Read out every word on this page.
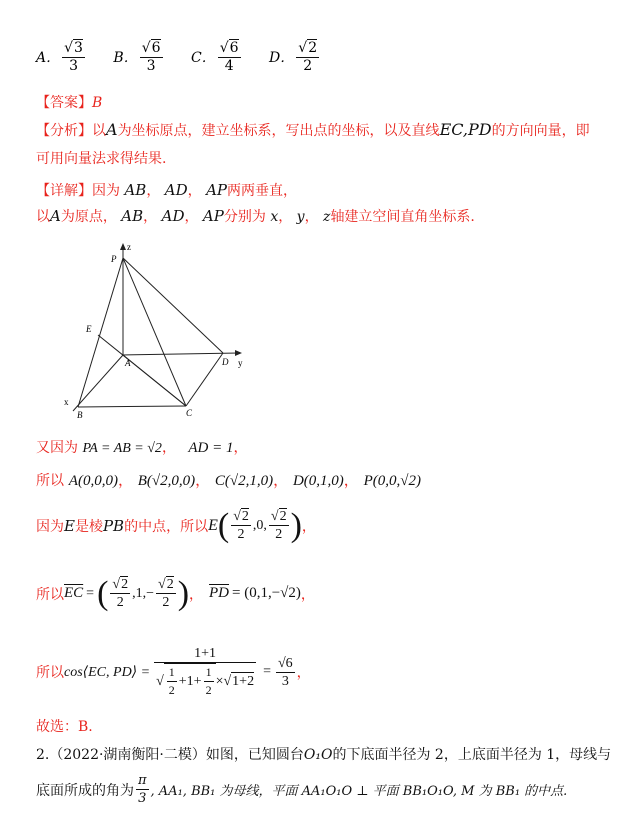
A． $\frac{√3}{3}$
B． $\frac{√6}{3}$
C． $\frac{√6}{4}$
D． $\frac{√2}{2}$
【答案】B
【分析】以A为坐标原点，建立坐标系，写出点的坐标，以及直线EC,PD的方向向量，即
可用向量法求得结果.
【详解】因为 AB， AD， AP两两垂直，
以A为原点， AB， AD， AP分别为 x， y， z轴建立空间直角坐标系.
z
P
E
A	D y
x
B	C
又因为 PA = AB = √2， AD = 1，
所以 A(0,0,0)， B(√2,0,0)， C(√2,1,0)， D(0,1,0)， P(0,0,√2)
因为 E 是棱 PB 的中点，所以 E ( $\frac{√2}{2} ,0$, $\frac{√2}{2}$ ) ，
所以 $\overline{EC}$ = ( $\frac{√2}{2} ,1,- \frac{√2}{2}$ ) ， $\overline{PD} = (0,1,-√2)$ ，
所以 cos⟨EC, PD⟩ = $\frac{1+1}{√ \frac{1}{2} +1+ \frac{1}{2} \times√ 1+2} = \frac{√6}{3}$ ，
故选：B.
2.（2022·湖南衡阳·二模）如图，已知圆台O₁O的下底面半径为 2，上底面半径为 1，母线与
底面所成的角为 $\frac{\pi}{3}$ , AA₁, BB₁ 为母线，平面 AA₁O₁O ⊥ 平面 BB₁O₁O, M 为 BB₁ 的中点.
